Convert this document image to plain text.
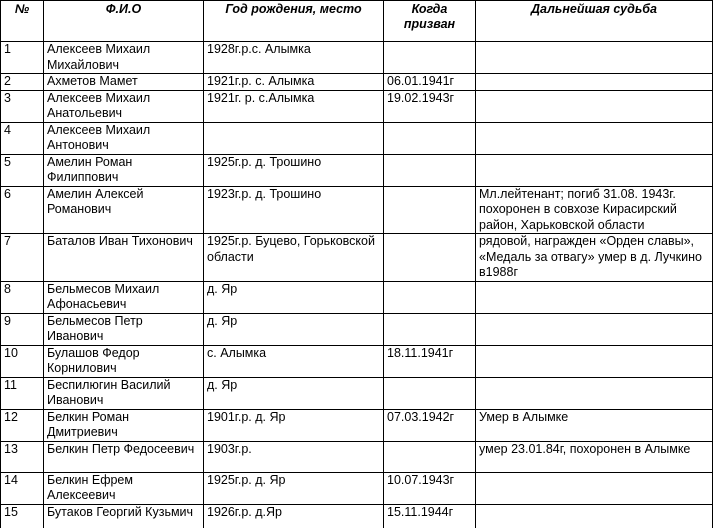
№	Ф.И.О	Год рождения, место	Когда призван	Дальнейшая судьба
1	Алексеев Михаил Михайлович	1928г.р.с. Алымка		
2	Ахметов Мамет	1921г.р. с. Алымка	06.01.1941г	
3	Алексеев Михаил Анатольевич	1921г. р. с.Алымка	19.02.1943г	
4	Алексеев Михаил Антонович			
5	Амелин Роман Филиппович	1925г.р. д. Трошино		
6	Амелин Алексей Романович	1923г.р. д. Трошино		Мл.лейтенант; погиб 31.08. 1943г. похоронен в совхозе Кирасирский район, Харьковской области
7	Баталов Иван Тихонович	1925г.р. Буцево, Горьковской области		рядовой, награжден «Орден славы», «Медаль за отвагу» умер в д. Лучкино в1988г
8	Бельмесов Михаил Афонасьевич	д. Яр		
9	Бельмесов Петр Иванович	д. Яр		
10	Булашов Федор Корнилович	с. Алымка	18.11.1941г	
11	Беспилюгин Василий Иванович	д. Яр		
12	Белкин Роман Дмитриевич	1901г.р. д. Яр	07.03.1942г	Умер в Алымке
13	Белкин Петр Федосеевич	1903г.р.		умер 23.01.84г, похоронен в Алымке
14	Белкин Ефрем Алексеевич	1925г.р. д. Яр	10.07.1943г	
15	Бутаков Георгий Кузьмич	1926г.р. д.Яр	15.11.1944г	
